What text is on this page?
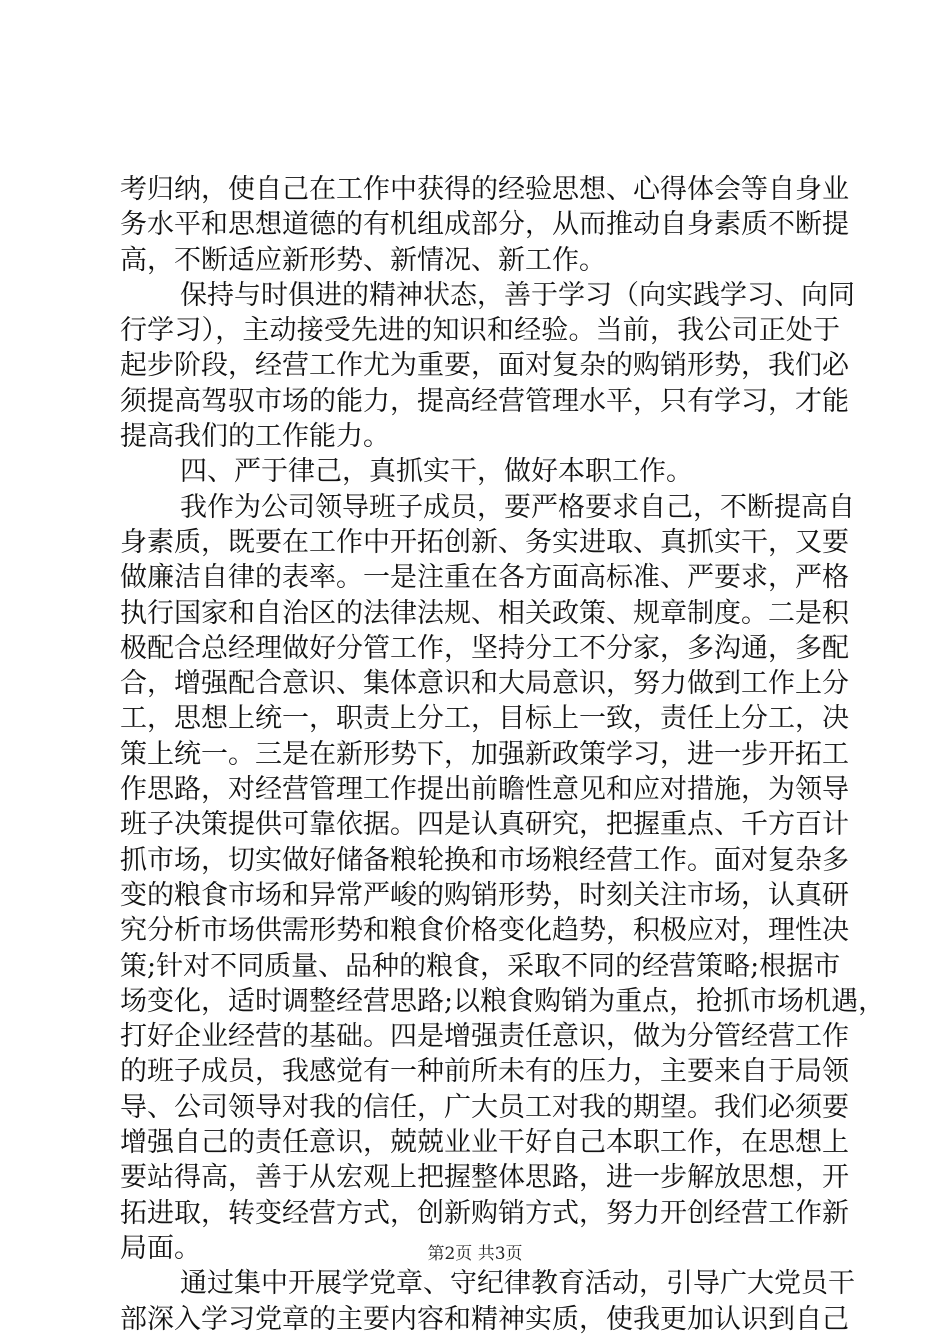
考归纳，使自己在工作中获得的经验思想、心得体会等自身业
务水平和思想道德的有机组成部分，从而推动自身素质不断提
高，不断适应新形势、新情况、新工作。
保持与时俱进的精神状态，善于学习（向实践学习、向同
行学习），主动接受先进的知识和经验。当前，我公司正处于
起步阶段，经营工作尤为重要，面对复杂的购销形势，我们必
须提高驾驭市场的能力，提高经营管理水平，只有学习，才能
提高我们的工作能力。
四、严于律己，真抓实干，做好本职工作。
我作为公司领导班子成员，要严格要求自己，不断提高自
身素质，既要在工作中开拓创新、务实进取、真抓实干，又要
做廉洁自律的表率。一是注重在各方面高标准、严要求，严格
执行国家和自治区的法律法规、相关政策、规章制度。二是积
极配合总经理做好分管工作，坚持分工不分家，多沟通，多配
合，增强配合意识、集体意识和大局意识，努力做到工作上分
工，思想上统一，职责上分工，目标上一致，责任上分工，决
策上统一。三是在新形势下，加强新政策学习，进一步开拓工
作思路，对经营管理工作提出前瞻性意见和应对措施，为领导
班子决策提供可靠依据。四是认真研究，把握重点、千方百计
抓市场，切实做好储备粮轮换和市场粮经营工作。面对复杂多
变的粮食市场和异常严峻的购销形势，时刻关注市场，认真研
究分析市场供需形势和粮食价格变化趋势，积极应对，理性决
策;针对不同质量、品种的粮食，采取不同的经营策略;根据市
场变化，适时调整经营思路;以粮食购销为重点，抢抓市场机遇，
打好企业经营的基础。四是增强责任意识，做为分管经营工作
的班子成员，我感觉有一种前所未有的压力，主要来自于局领
导、公司领导对我的信任，广大员工对我的期望。我们必须要
增强自己的责任意识，兢兢业业干好自己本职工作，在思想上
要站得高，善于从宏观上把握整体思路，进一步解放思想，开
拓进取，转变经营方式，创新购销方式，努力开创经营工作新
局面。
通过集中开展学党章、守纪律教育活动，引导广大党员干
部深入学习党章的主要内容和精神实质，使我更加认识到自己
第2页 共3页
